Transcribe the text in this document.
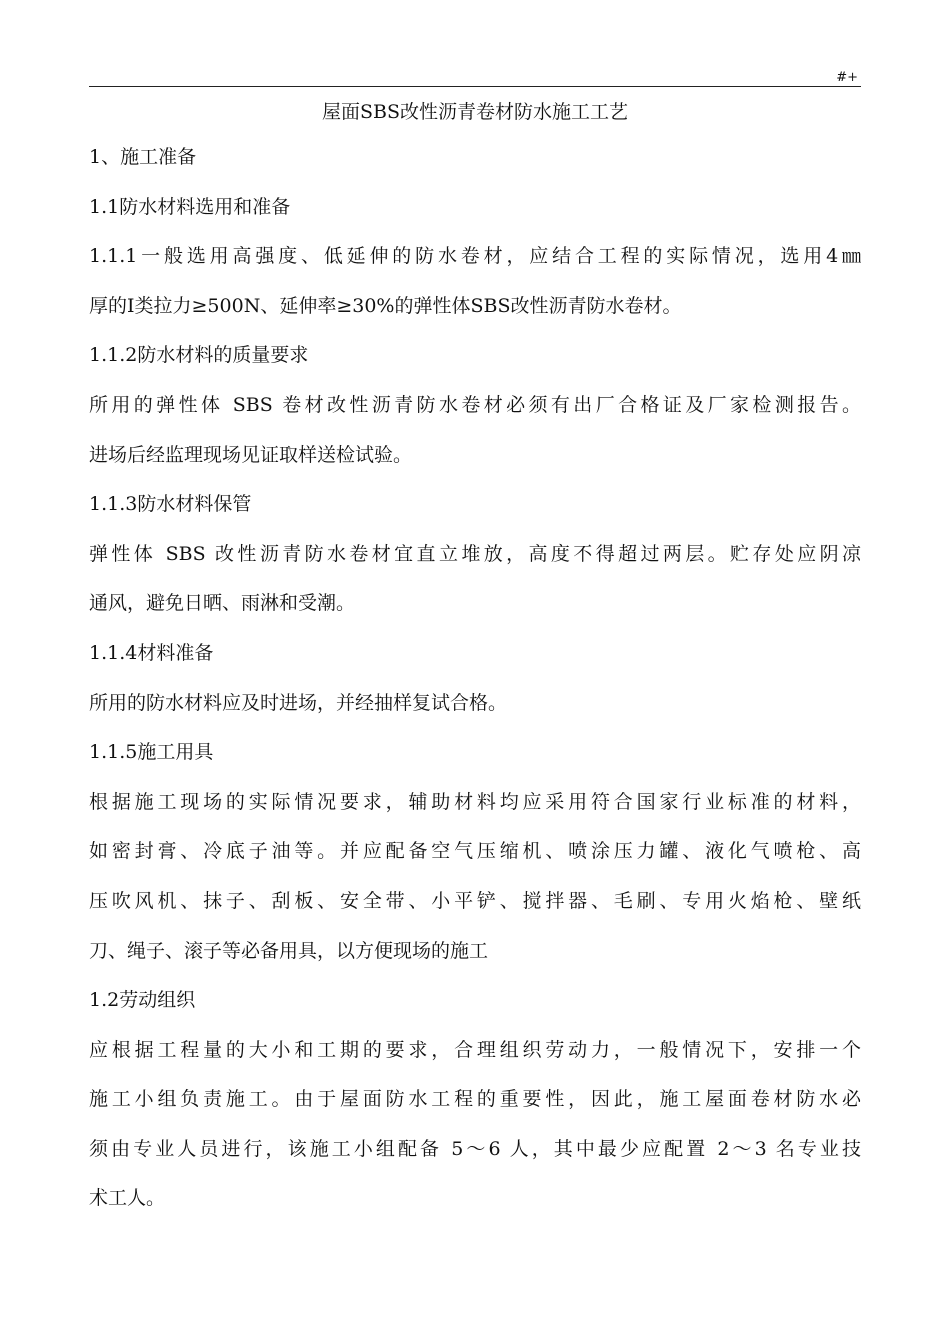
#+
屋面SBS改性沥青卷材防水施工工艺

1、施工准备

1.1防水材料选用和准备

1.1.1一般选用高强度、低延伸的防水卷材，应结合工程的实际情况，选用4㎜

厚的Ⅰ类拉力≥500N、延伸率≥30%的弹性体SBS改性沥青防水卷材。

1.1.2防水材料的质量要求

所用的弹性体 SBS 卷材改性沥青防水卷材必须有出厂合格证及厂家检测报告。

进场后经监理现场见证取样送检试验。

1.1.3防水材料保管

弹性体 SBS 改性沥青防水卷材宜直立堆放，高度不得超过两层。贮存处应阴凉

通风，避免日晒、雨淋和受潮。

1.1.4材料准备

所用的防水材料应及时进场，并经抽样复试合格。

1.1.5施工用具

根据施工现场的实际情况要求，辅助材料均应采用符合国家行业标准的材料，

如密封膏、冷底子油等。并应配备空气压缩机、喷涂压力罐、液化气喷枪、高

压吹风机、抹子、刮板、安全带、小平铲、搅拌器、毛刷、专用火焰枪、壁纸

刀、绳子、滚子等必备用具，以方便现场的施工

1.2劳动组织

应根据工程量的大小和工期的要求，合理组织劳动力，一般情况下，安排一个

施工小组负责施工。由于屋面防水工程的重要性，因此，施工屋面卷材防水必

须由专业人员进行，该施工小组配备 5～6 人，其中最少应配置 2～3 名专业技

术工人。
